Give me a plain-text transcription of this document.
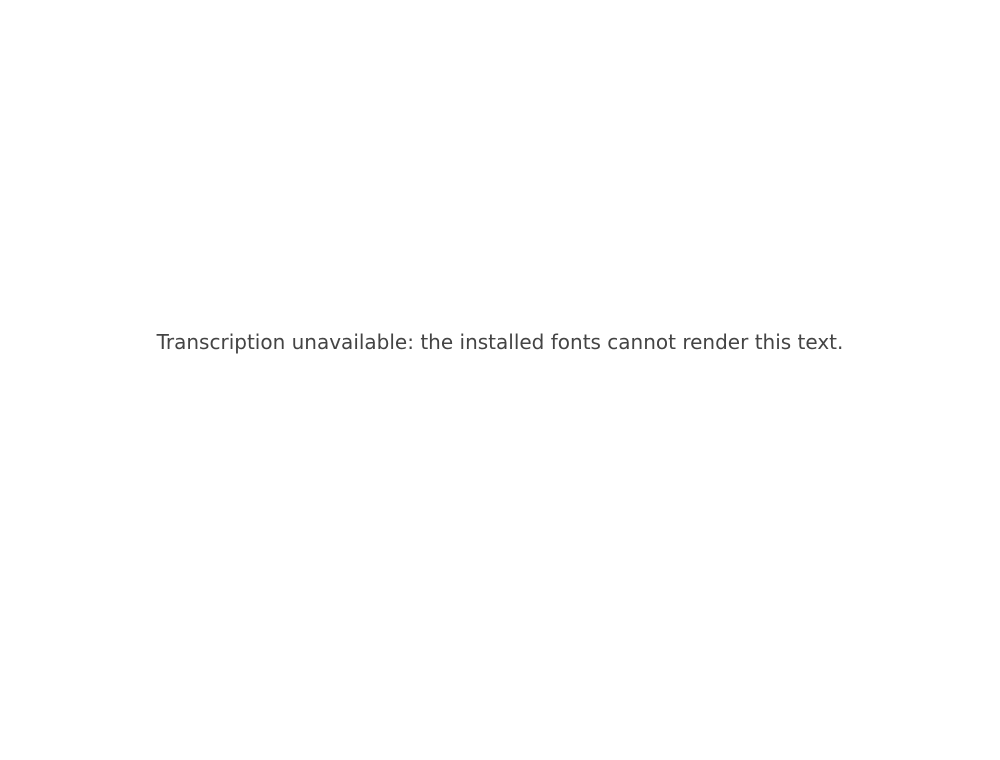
Transcription unavailable: the installed fonts cannot render this text.
